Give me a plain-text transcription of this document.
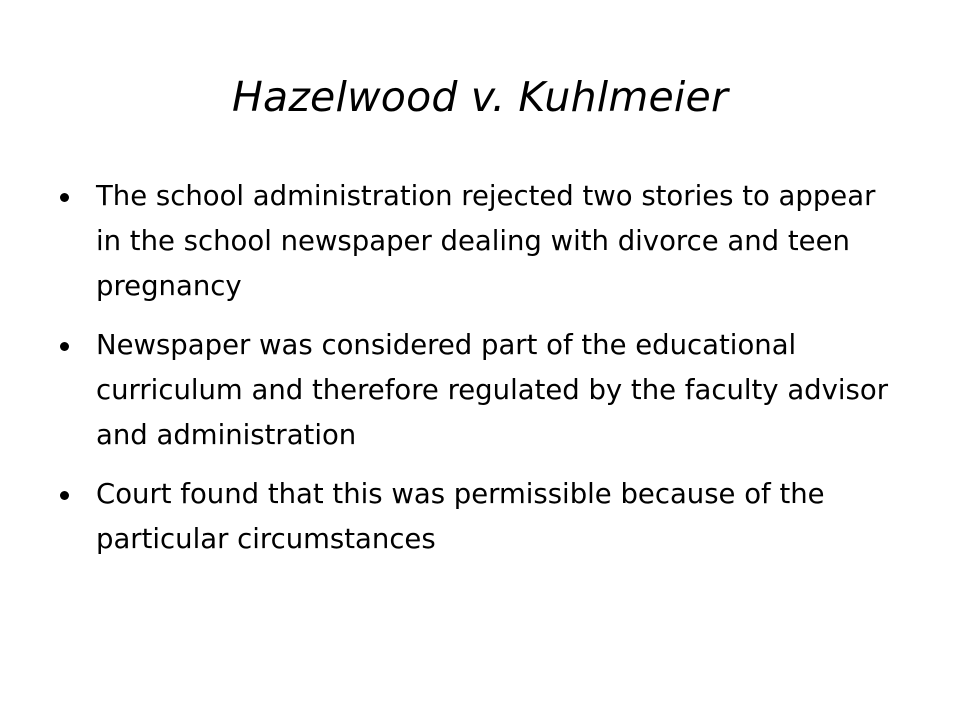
Hazelwood v. Kuhlmeier
The school administration rejected two stories to appear in the school newspaper dealing with divorce and teen pregnancy
Newspaper was considered part of the educational curriculum and therefore regulated by the faculty advisor and administration
Court found that this was permissible because of the particular circumstances
